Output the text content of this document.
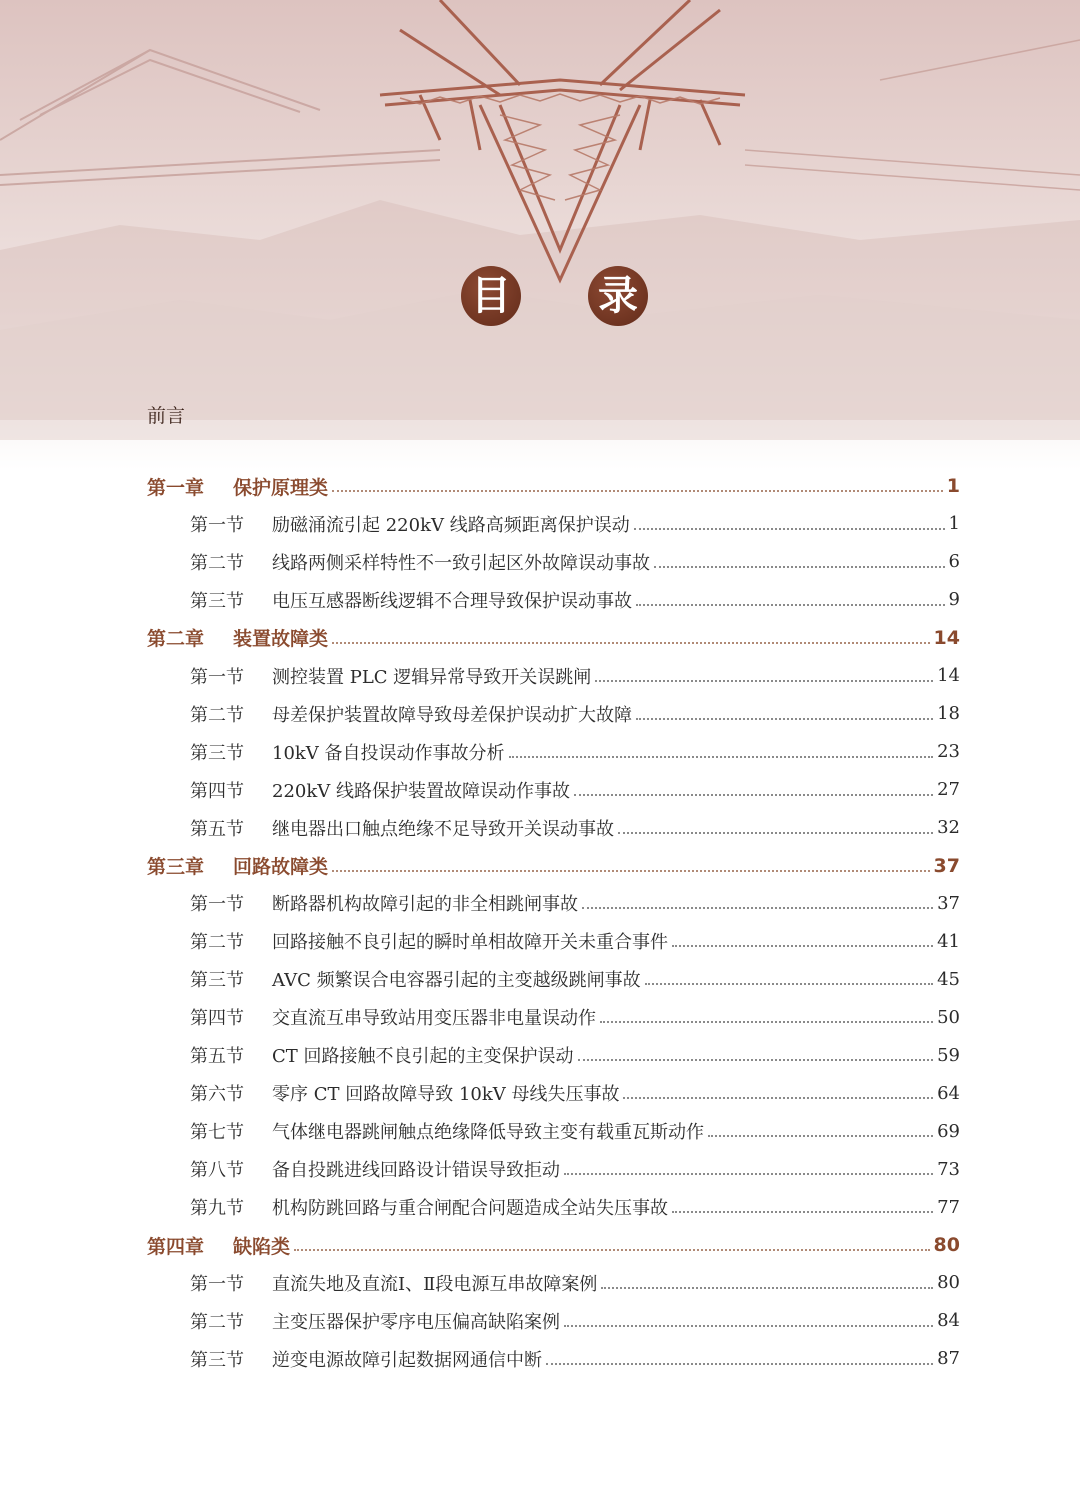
目 录
前言
第一章	保护原理类	1
第一节	励磁涌流引起 220kV 线路高频距离保护误动	1
第二节	线路两侧采样特性不一致引起区外故障误动事故	6
第三节	电压互感器断线逻辑不合理导致保护误动事故	9
第二章	装置故障类	14
第一节	测控装置 PLC 逻辑异常导致开关误跳闸	14
第二节	母差保护装置故障导致母差保护误动扩大故障	18
第三节	10kV 备自投误动作事故分析	23
第四节	220kV 线路保护装置故障误动作事故	27
第五节	继电器出口触点绝缘不足导致开关误动事故	32
第三章	回路故障类	37
第一节	断路器机构故障引起的非全相跳闸事故	37
第二节	回路接触不良引起的瞬时单相故障开关未重合事件	41
第三节	AVC 频繁误合电容器引起的主变越级跳闸事故	45
第四节	交直流互串导致站用变压器非电量误动作	50
第五节	CT 回路接触不良引起的主变保护误动	59
第六节	零序 CT 回路故障导致 10kV 母线失压事故	64
第七节	气体继电器跳闸触点绝缘降低导致主变有载重瓦斯动作	69
第八节	备自投跳进线回路设计错误导致拒动	73
第九节	机构防跳回路与重合闸配合问题造成全站失压事故	77
第四章	缺陷类	80
第一节	直流失地及直流Ⅰ、Ⅱ段电源互串故障案例	80
第二节	主变压器保护零序电压偏高缺陷案例	84
第三节	逆变电源故障引起数据网通信中断	87
